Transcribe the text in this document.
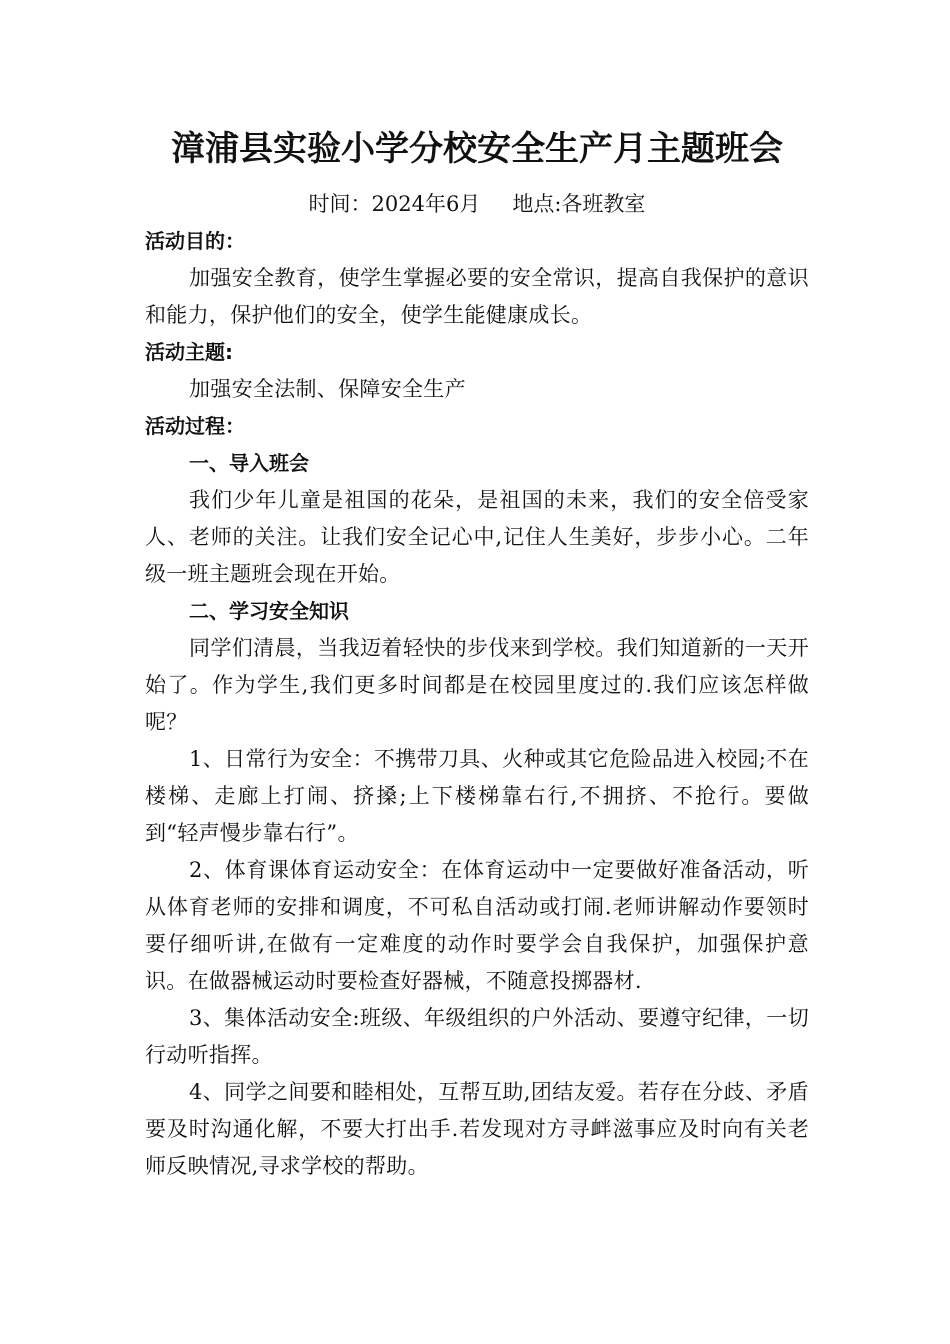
漳浦县实验小学分校安全生产月主题班会
时间：2024年6月 地点:各班教室

活动目的：

加强安全教育，使学生掌握必要的安全常识，提高自我保护的意识和能力，保护他们的安全，使学生能健康成长。

活动主题:

加强安全法制、保障安全生产

活动过程：

一、导入班会

我们少年儿童是祖国的花朵，是祖国的未来，我们的安全倍受家人、老师的关注。让我们安全记心中,记住人生美好，步步小心。二年级一班主题班会现在开始。

二、学习安全知识

同学们清晨，当我迈着轻快的步伐来到学校。我们知道新的一天开始了。作为学生,我们更多时间都是在校园里度过的.我们应该怎样做呢？

1、日常行为安全：不携带刀具、火种或其它危险品进入校园;不在楼梯、走廊上打闹、挤搡;上下楼梯靠右行,不拥挤、不抢行。要做到“轻声慢步靠右行”。

2、体育课体育运动安全：在体育运动中一定要做好准备活动，听从体育老师的安排和调度，不可私自活动或打闹.老师讲解动作要领时要仔细听讲,在做有一定难度的动作时要学会自我保护，加强保护意识。在做器械运动时要检查好器械，不随意投掷器材.

3、集体活动安全:班级、年级组织的户外活动、要遵守纪律，一切行动听指挥。

4、同学之间要和睦相处，互帮互助,团结友爱。若存在分歧、矛盾要及时沟通化解，不要大打出手.若发现对方寻衅滋事应及时向有关老师反映情况,寻求学校的帮助。
